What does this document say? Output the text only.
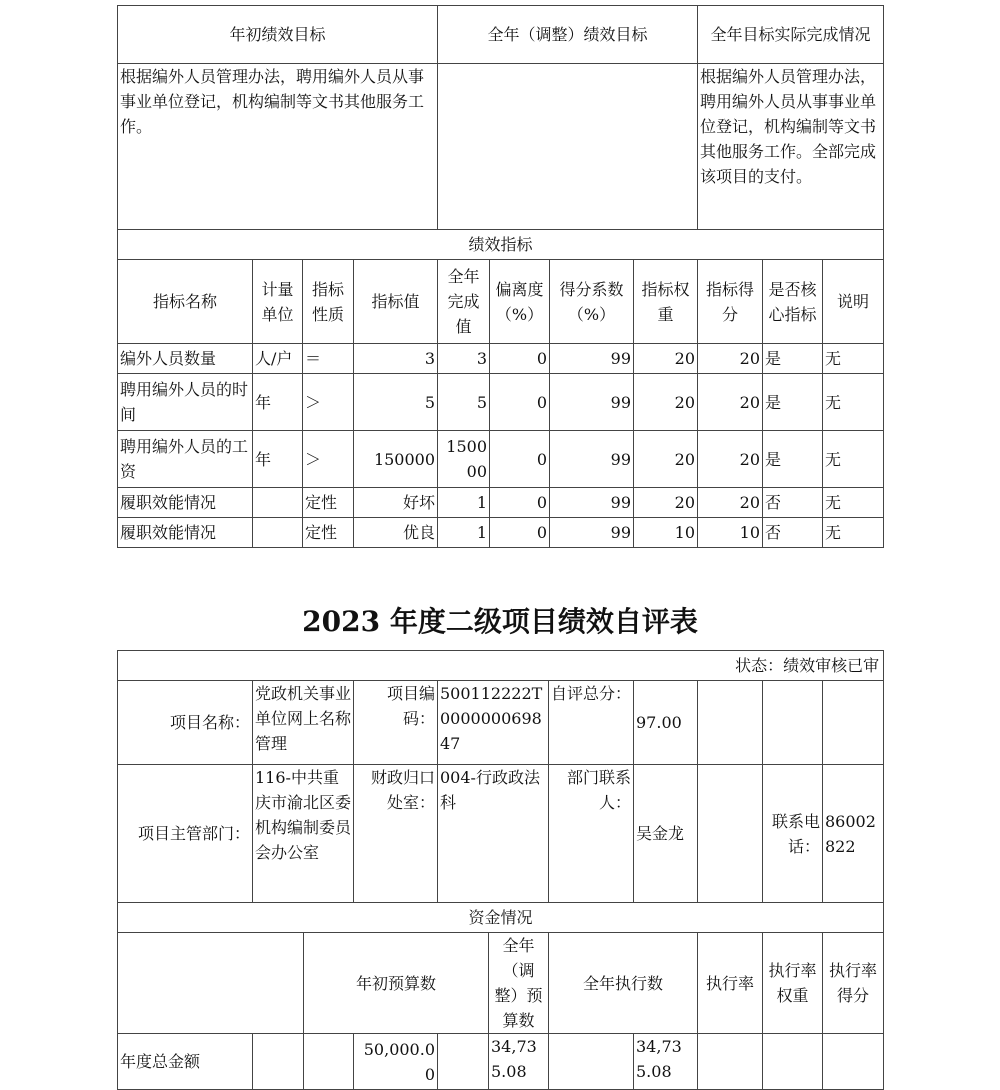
年初绩效目标				全年（调整）绩效目标				全年目标实际完成情况		
根据编外人员管理办法，聘用编外人员从事事业单位登记，机构编制等文书其他服务工作。								根据编外人员管理办法，聘用编外人员从事事业单位登记，机构编制等文书其他服务工作。全部完成该项目的支付。		
绩效指标										
指标名称	计量单位	指标性质	指标值	全年完成值	偏离度（%）	得分系数（%）	指标权重	指标得分	是否核心指标	说明
编外人员数量	人/户	＝	3	3	0	99	20	20	是	无
聘用编外人员的时间	年	＞	5	5	0	99	20	20	是	无
聘用编外人员的工资	年	＞	150000	150000	0	99	20	20	是	无
履职效能情况		定性	好坏	1	0	99	20	20	否	无
履职效能情况		定性	优良	1	0	99	10	10	否	无
2023 年度二级项目绩效自评表
状态：绩效审核已审										
项目名称：	党政机关事业单位网上名称管理		项目编码：	500112222T000000069847		自评总分：	97.00			
项目主管部门：	116-中共重庆市渝北区委机构编制委员会办公室		财政归口处室：	004-行政政法科		部门联系人：	吴金龙		联系电话：	86002822
资金情况										
		年初预算数			全年（调整）预算数	全年执行数		执行率	执行率权重	执行率得分
年度总金额			50,000.00		34,735.08		34,735.08			
